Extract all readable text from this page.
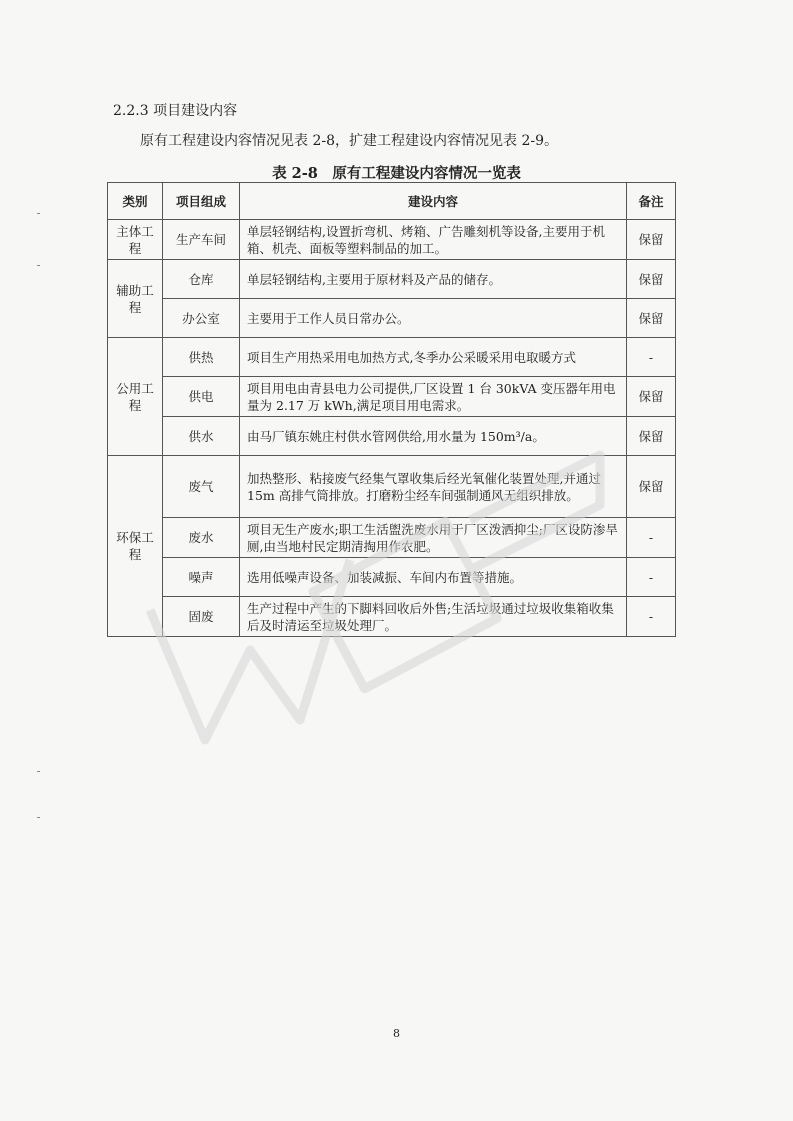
2.2.3 项目建设内容
原有工程建设内容情况见表 2-8，扩建工程建设内容情况见表 2-9。
表 2-8　原有工程建设内容情况一览表
类别	项目组成	建设内容	备注
主体工程	生产车间	单层轻钢结构,设置折弯机、烤箱、广告雕刻机等设备,主要用于机箱、机壳、面板等塑料制品的加工。	保留
辅助工程	仓库	单层轻钢结构,主要用于原材料及产品的储存。	保留
	办公室	主要用于工作人员日常办公。	保留
公用工程	供热	项目生产用热采用电加热方式,冬季办公采暖采用电取暖方式	-
	供电	项目用电由青县电力公司提供,厂区设置 1 台 30kVA 变压器年用电量为 2.17 万 kWh,满足项目用电需求。	保留
	供水	由马厂镇东姚庄村供水管网供给,用水量为 150m³/a。	保留
环保工程	废气	加热整形、粘接废气经集气罩收集后经光氧催化装置处理,并通过 15m 高排气筒排放。打磨粉尘经车间强制通风无组织排放。	保留
	废水	项目无生产废水;职工生活盥洗废水用于厂区泼洒抑尘;厂区设防渗旱厕,由当地村民定期清掏用作农肥。	-
	噪声	选用低噪声设备、加装减振、车间内布置等措施。	-
	固废	生产过程中产生的下脚料回收后外售;生活垃圾通过垃圾收集箱收集后及时清运至垃圾处理厂。	-
8
